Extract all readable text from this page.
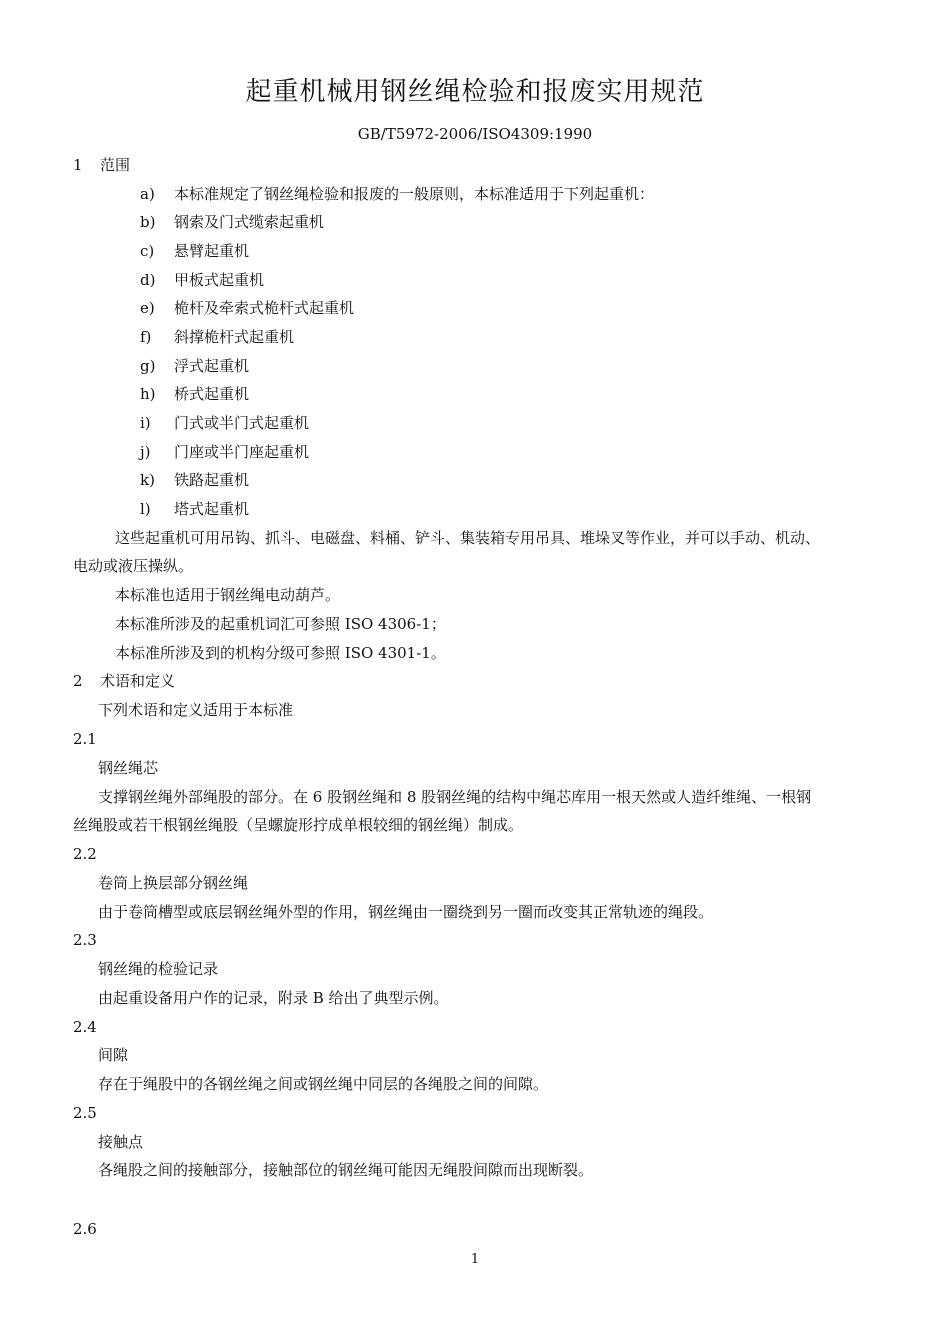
起重机械用钢丝绳检验和报废实用规范
GB/T5972-2006/ISO4309:1990
1 范围
a) 本标准规定了钢丝绳检验和报废的一般原则，本标准适用于下列起重机：
b) 钢索及门式缆索起重机
c) 悬臂起重机
d) 甲板式起重机
e) 桅杆及牵索式桅杆式起重机
f) 斜撑桅杆式起重机
g) 浮式起重机
h) 桥式起重机
i) 门式或半门式起重机
j) 门座或半门座起重机
k) 铁路起重机
l) 塔式起重机
这些起重机可用吊钩、抓斗、电磁盘、料桶、铲斗、集装箱专用吊具、堆垛叉等作业，并可以手动、机动、
电动或液压操纵。
本标准也适用于钢丝绳电动葫芦。
本标准所涉及的起重机词汇可参照 ISO 4306-1；
本标准所涉及到的机构分级可参照 ISO 4301-1。
2 术语和定义
下列术语和定义适用于本标准
2.1
钢丝绳芯
支撑钢丝绳外部绳股的部分。在 6 股钢丝绳和 8 股钢丝绳的结构中绳芯库用一根天然或人造纤维绳、一根钢
丝绳股或若干根钢丝绳股（呈螺旋形拧成单根较细的钢丝绳）制成。
2.2
卷筒上换层部分钢丝绳
由于卷筒槽型或底层钢丝绳外型的作用，钢丝绳由一圈绕到另一圈而改变其正常轨迹的绳段。
2.3
钢丝绳的检验记录
由起重设备用户作的记录，附录 B 给出了典型示例。
2.4
间隙
存在于绳股中的各钢丝绳之间或钢丝绳中同层的各绳股之间的间隙。
2.5
接触点
各绳股之间的接触部分，接触部位的钢丝绳可能因无绳股间隙而出现断裂。
2.6
1
